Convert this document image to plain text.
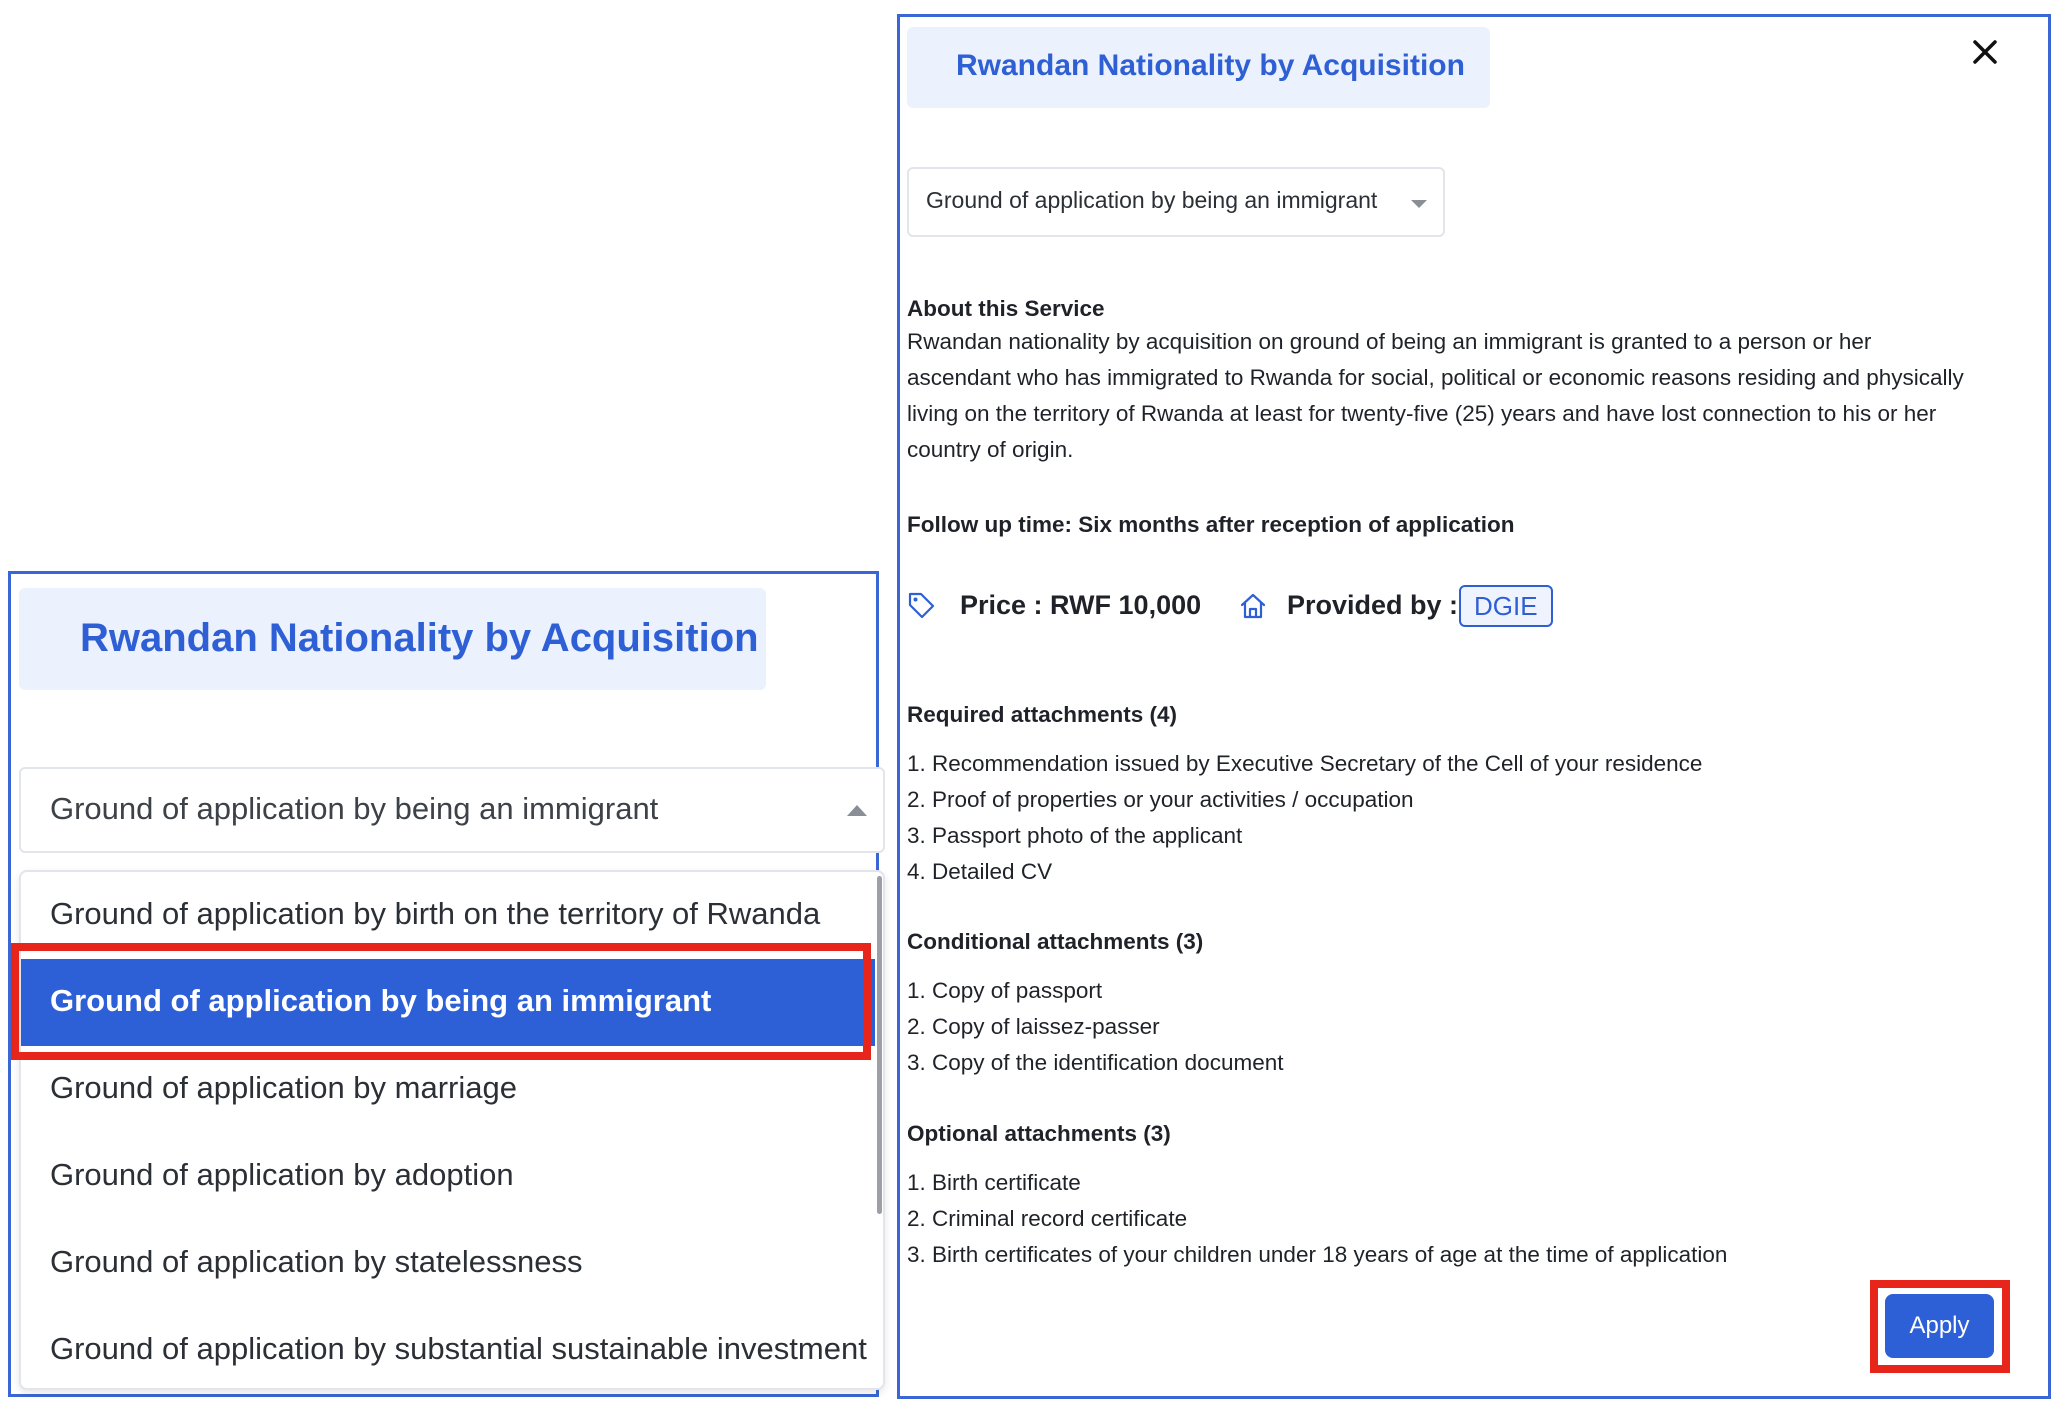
Rwandan Nationality by Acquisition
Ground of application by being an immigrant
Ground of application by birth on the territory of Rwanda
Ground of application by being an immigrant
Ground of application by marriage
Ground of application by adoption
Ground of application by statelessness
Ground of application by substantial sustainable investment
Rwandan Nationality by Acquisition
Ground of application by being an immigrant
About this Service
Rwandan nationality by acquisition on ground of being an immigrant is granted to a person or her ascendant who has immigrated to Rwanda for social, political or economic reasons residing and physically living on the territory of Rwanda at least for twenty-five (25) years and have lost connection to his or her country of origin.
Follow up time: Six months after reception of application
Price : RWF 10,000	Provided by : DGIE
Required attachments (4)
1. Recommendation issued by Executive Secretary of the Cell of your residence
2. Proof of properties or your activities / occupation
3. Passport photo of the applicant
4. Detailed CV
Conditional attachments (3)
1. Copy of passport
2. Copy of laissez-passer
3. Copy of the identification document
Optional attachments (3)
1. Birth certificate
2. Criminal record certificate
3. Birth certificates of your children under 18 years of age at the time of application
Apply
